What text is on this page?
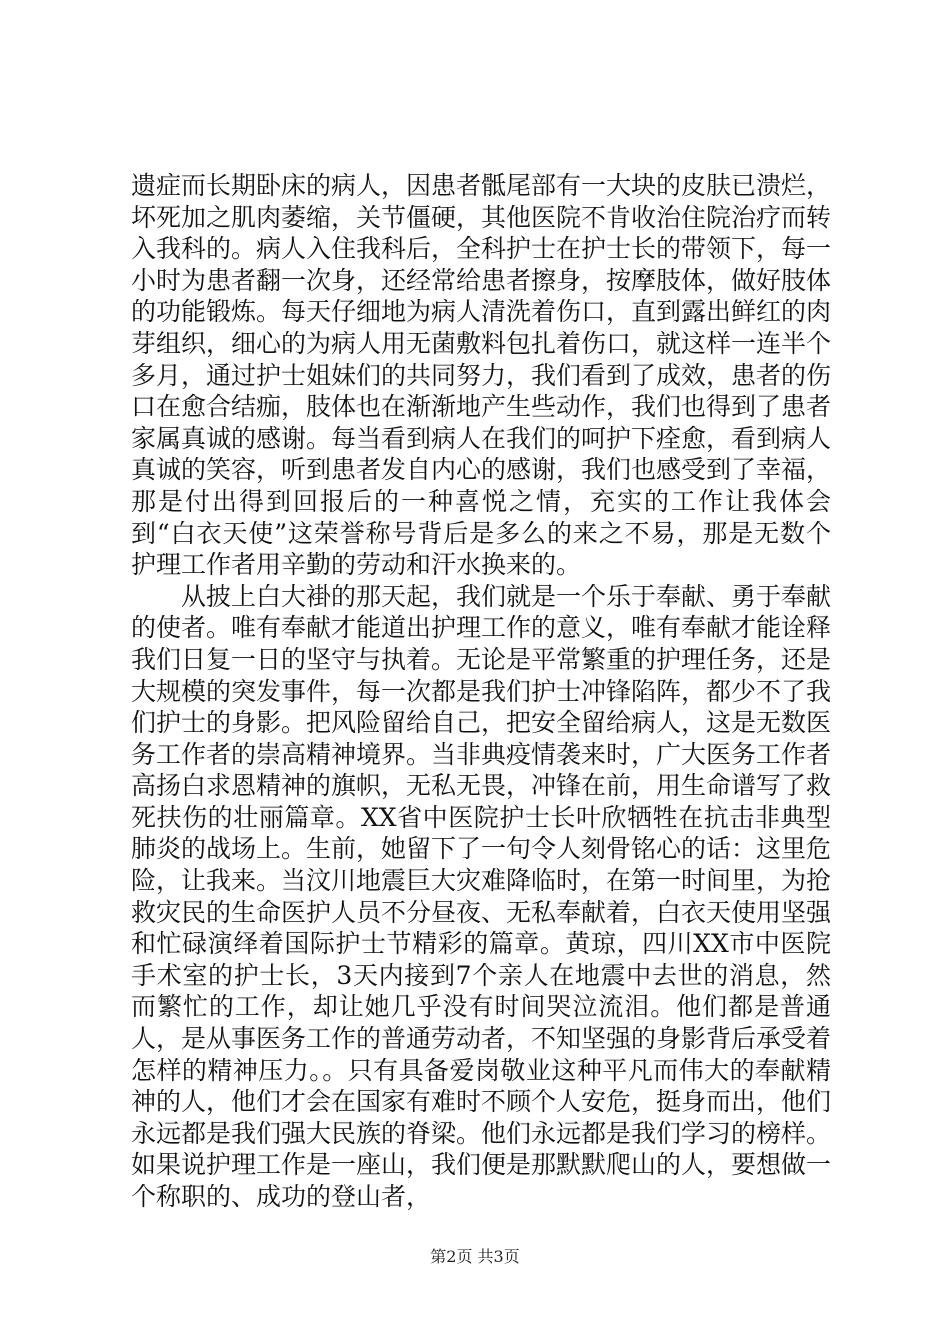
遗症而长期卧床的病人，因患者骶尾部有一大块的皮肤已溃烂，坏死加之肌肉萎缩，关节僵硬，其他医院不肯收治住院治疗而转入我科的。病人入住我科后，全科护士在护士长的带领下，每一小时为患者翻一次身，还经常给患者擦身，按摩肢体，做好肢体的功能锻炼。每天仔细地为病人清洗着伤口，直到露出鲜红的肉芽组织，细心的为病人用无菌敷料包扎着伤口，就这样一连半个多月，通过护士姐妹们的共同努力，我们看到了成效，患者的伤口在愈合结痂，肢体也在渐渐地产生些动作，我们也得到了患者家属真诚的感谢。每当看到病人在我们的呵护下痊愈，看到病人真诚的笑容，听到患者发自内心的感谢，我们也感受到了幸福，那是付出得到回报后的一种喜悦之情，充实的工作让我体会到“白衣天使”这荣誉称号背后是多么的来之不易，那是无数个护理工作者用辛勤的劳动和汗水换来的。

从披上白大褂的那天起，我们就是一个乐于奉献、勇于奉献的使者。唯有奉献才能道出护理工作的意义，唯有奉献才能诠释我们日复一日的坚守与执着。无论是平常繁重的护理任务，还是大规模的突发事件，每一次都是我们护士冲锋陷阵，都少不了我们护士的身影。把风险留给自己，把安全留给病人，这是无数医务工作者的崇高精神境界。当非典疫情袭来时，广大医务工作者高扬白求恩精神的旗帜，无私无畏，冲锋在前，用生命谱写了救死扶伤的壮丽篇章。XX省中医院护士长叶欣牺牲在抗击非典型肺炎的战场上。生前，她留下了一句令人刻骨铭心的话：这里危险，让我来。当汶川地震巨大灾难降临时，在第一时间里，为抢救灾民的生命医护人员不分昼夜、无私奉献着，白衣天使用坚强和忙碌演绎着国际护士节精彩的篇章。黄琼，四川XX市中医院手术室的护士长，3天内接到7个亲人在地震中去世的消息，然而繁忙的工作，却让她几乎没有时间哭泣流泪。他们都是普通人，是从事医务工作的普通劳动者，不知坚强的身影背后承受着怎样的精神压力。。只有具备爱岗敬业这种平凡而伟大的奉献精神的人，他们才会在国家有难时不顾个人安危，挺身而出，他们永远都是我们强大民族的脊梁。他们永远都是我们学习的榜样。如果说护理工作是一座山，我们便是那默默爬山的人，要想做一个称职的、成功的登山者，

第2页 共3页
